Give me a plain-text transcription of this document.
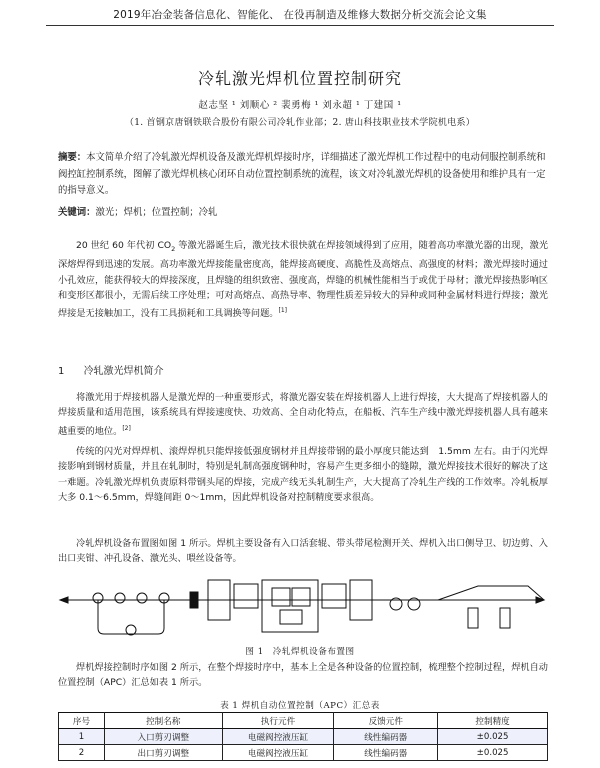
2019年冶金装备信息化、智能化、 在役再制造及维修大数据分析交流会论文集
冷轧激光焊机位置控制研究
赵志坚 ¹ 刘顺心 ² 裴勇梅 ¹ 刘永超 ¹ 丁建国 ¹
（1. 首钢京唐钢铁联合股份有限公司冷轧作业部；2. 唐山科技职业技术学院机电系）
摘要：本文简单介绍了冷轧激光焊机设备及激光焊机焊接时序，详细描述了激光焊机工作过程中的电动伺服控制系统和阀控缸控制系统，图解了激光焊机核心闭环自动位置控制系统的流程，该文对冷轧激光焊机的设备使用和维护具有一定的指导意义。
关键词：激光；焊机；位置控制；冷轧
20 世纪 60 年代初 $CO_2$ 等激光器诞生后，激光技术很快就在焊接领域得到了应用，随着高功率激光器的出现，激光深熔焊得到迅速的发展。高功率激光焊接能量密度高，能焊接高硬度、高脆性及高熔点、高强度的材料；激光焊接时通过小孔效应，能获得较大的焊接深度，且焊缝的组织致密、强度高，焊缝的机械性能相当于或优于母材；激光焊接热影响区和变形区都很小，无需后续工序处理；可对高熔点、高热导率、物理性质差异较大的异种或同种金属材料进行焊接；激光焊接是无接触加工，没有工具损耗和工具调换等问题。[1]
1 冷轧激光焊机简介
将激光用于焊接机器人是激光焊的一种重要形式，将激光器安装在焊接机器人上进行焊接，大大提高了焊接机器人的焊接质量和适用范围，该系统具有焊接速度快、功效高、全自动化特点，在船板、汽车生产线中激光焊接机器人具有越来越重要的地位。[2]
传统的闪光对焊焊机、滚焊焊机只能焊接低强度钢材并且焊接带钢的最小厚度只能达到　1.5mm 左右。由于闪光焊接影响到钢材质量，并且在轧制时，特别是轧制高强度钢种时，容易产生更多细小的缝隙，激光焊接技术很好的解决了这一难题。冷轧激光焊机负责原料带钢头尾的焊接，完成产线无头轧制生产，大大提高了冷轧生产线的工作效率。冷轧板厚大多 0.1～6.5mm，焊缝间距 0～1mm，因此焊机设备对控制精度要求很高。
冷轧焊机设备布置图如图 1 所示。焊机主要设备有入口活套辊、带头带尾检测开关、焊机入出口侧导卫、切边剪、入出口夹钳、冲孔设备、激光头、喂丝设备等。
图 1　冷轧焊机设备布置图
焊机焊接控制时序如图 2 所示，在整个焊接时序中，基本上全是各种设备的位置控制，梳理整个控制过程，焊机自动位置控制（APC）汇总如表 1 所示。
表 1 焊机自动位置控制（APC）汇总表
序号	控制名称	执行元件	反馈元件	控制精度
1	入口剪刃调整	电磁阀控液压缸	线性编码器	±0.025
2	出口剪刃调整	电磁阀控液压缸	线性编码器	±0.025
